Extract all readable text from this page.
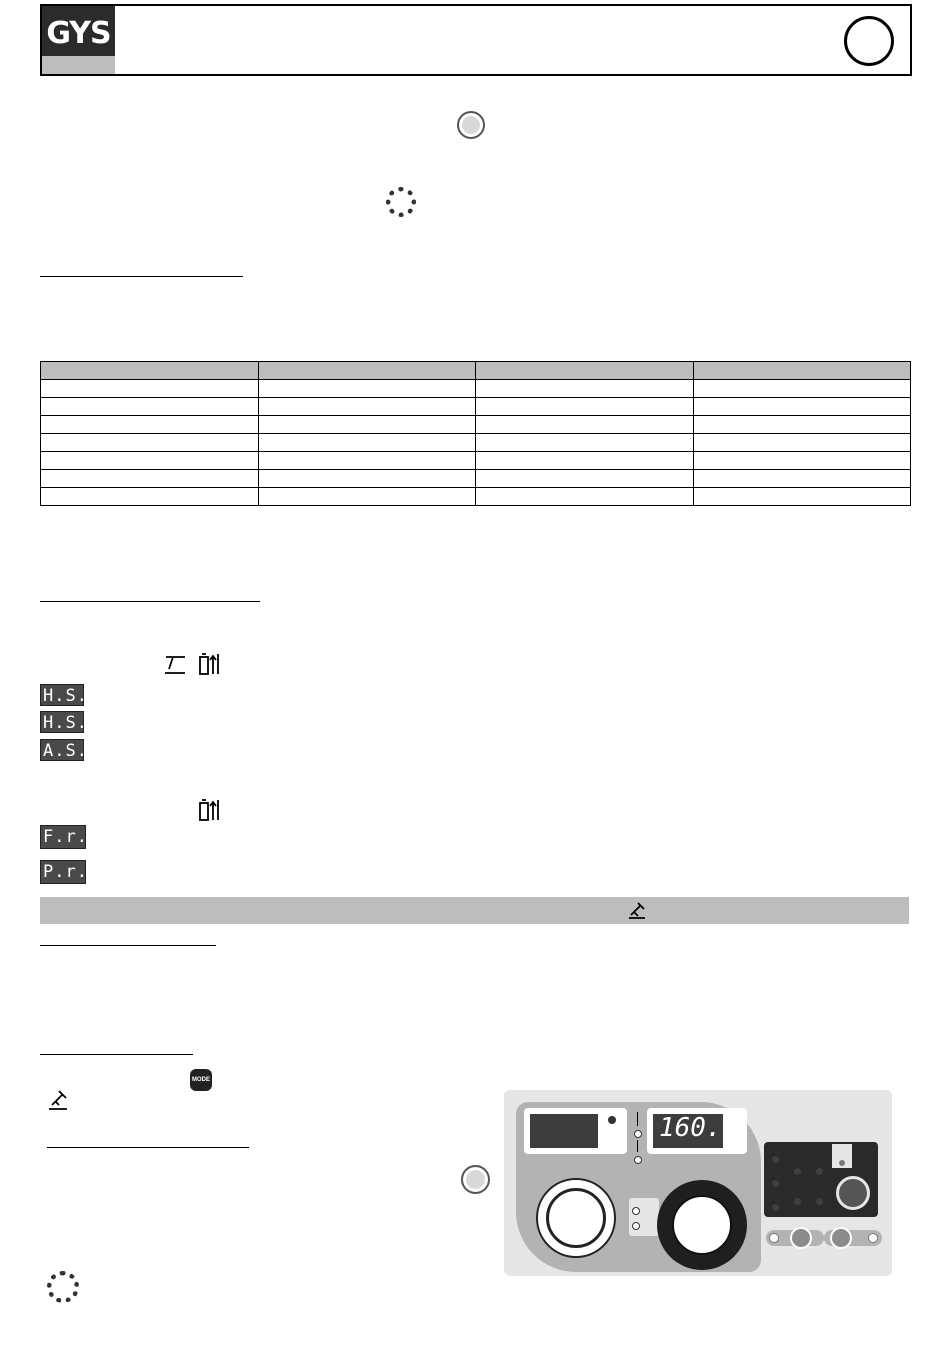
GYS

H.S.
H.S.t.
A.S.
F.r.E.
P.r.c.
MODE
160.
